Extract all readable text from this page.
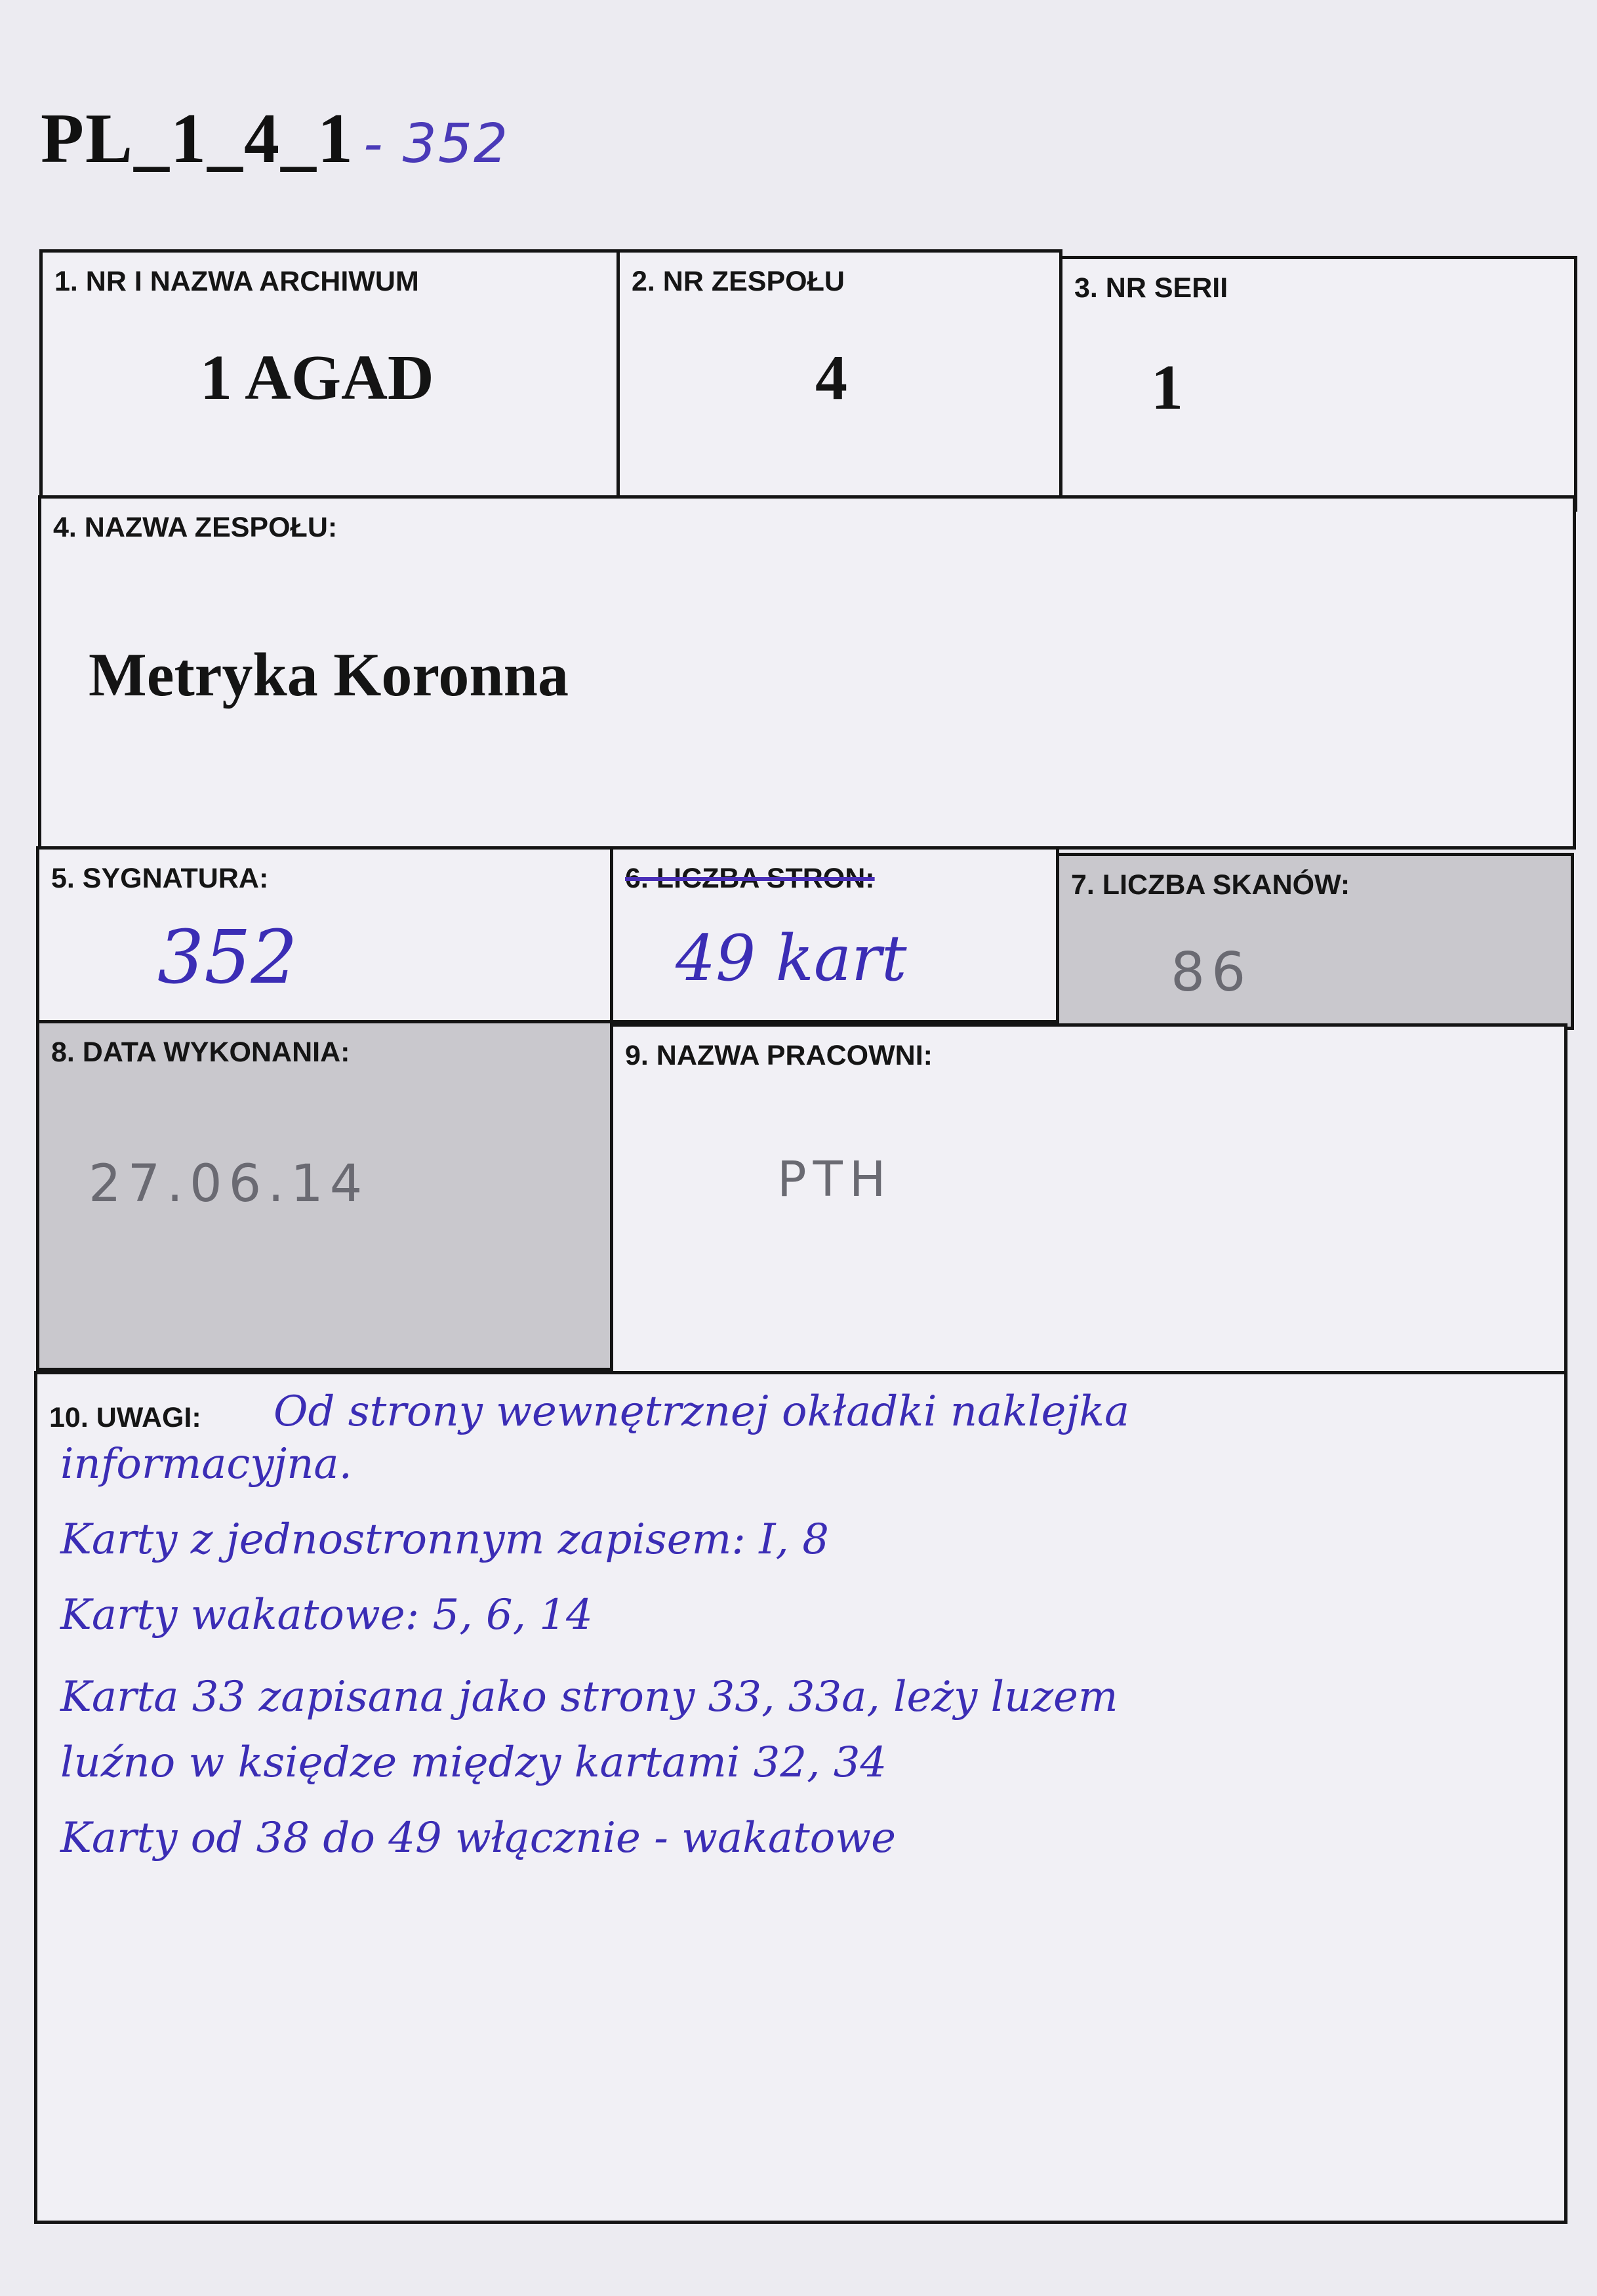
PL_1_4_1 - 352
1. NR I NAZWA ARCHIWUM
1 AGAD
2. NR ZESPOŁU
4
3. NR SERII
1
4. NAZWA ZESPOŁU:
Metryka Koronna
5. SYGNATURA:
352
6. LICZBA STRON:
49 kart
7. LICZBA SKANÓW:
86
8. DATA WYKONANIA:
27.06.14
9. NAZWA PRACOWNI:
PTH
10. UWAGI: Od strony wewnętrznej okładki naklejka
informacyjna.
Karty z jednostronnym zapisem: I, 8
Karty wakatowe: 5, 6, 14
Karta 33 zapisana jako strony 33, 33a, leży luzem
luźno w księdze między kartami 32, 34
Karty od 38 do 49 włącznie - wakatowe
